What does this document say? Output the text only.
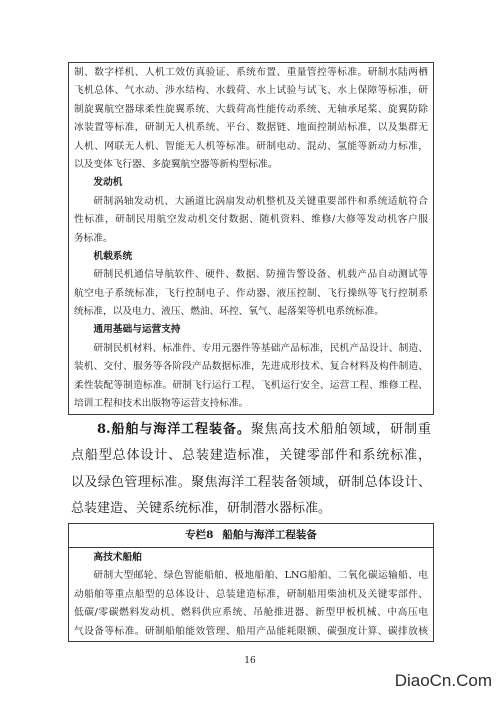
制、数字样机、人机工效仿真验证、系统布置、重量管控等标准。研制水陆两栖
飞机总体、气水动、涉水结构、水载荷、水上试验与试飞、水上保障等标准，研
制旋翼航空器球柔性旋翼系统、大载荷高性能传动系统、无轴承尾桨、旋翼防除
冰装置等标准，研制无人机系统、平台、数据链、地面控制站标准，以及集群无
人机、网联无人机、智能无人机等标准。研制电动、混动、氢能等新动力标准，
以及变体飞行器、多旋翼航空器等新构型标准。
发动机
研制涡轴发动机、大涵道比涡扇发动机整机及关键重要部件和系统适航符合
性标准，研制民用航空发动机交付数据、随机资料、维修/大修等发动机客户服
务标准。
机载系统
研制民机通信导航软件、硬件、数据、防撞告警设备、机载产品自动测试等
航空电子系统标准，飞行控制电子、作动器、液压控制、飞行操纵等飞行控制系
统标准，以及电力、液压、燃油、环控、氧气、起落架等机电系统标准。
通用基础与运营支持
研制民机材料、标准件、专用元器件等基础产品标准，民机产品设计、制造、
装机、交付、服务等各阶段产品数据标准，先进成形技术、复合材料及构件制造、
柔性装配等制造标准。研制飞行运行工程、飞机运行安全、运营工程、维修工程、
培训工程和技术出版物等运营支持标准。
8.船舶与海洋工程装备。聚焦高技术船舶领域，研制重
点船型总体设计、总装建造标准，关键零部件和系统标准，
以及绿色管理标准。聚焦海洋工程装备领域，研制总体设计、
总装建造、关键系统标准，研制潜水器标准。
专栏8 船舶与海洋工程装备
高技术船舶
研制大型邮轮、绿色智能船舶、极地船舶、LNG船舶、二氧化碳运输船、电
动船舶等重点船型的总体设计、总装建造标准，研制船用柴油机及关键零部件、
低碳/零碳燃料发动机、燃料供应系统、吊舱推进器、新型甲板机械、中高压电
气设备等标准。研制船舶能效管理、船用产品能耗限额、碳强度计算、碳排放核
16
DiaoCn.Com
